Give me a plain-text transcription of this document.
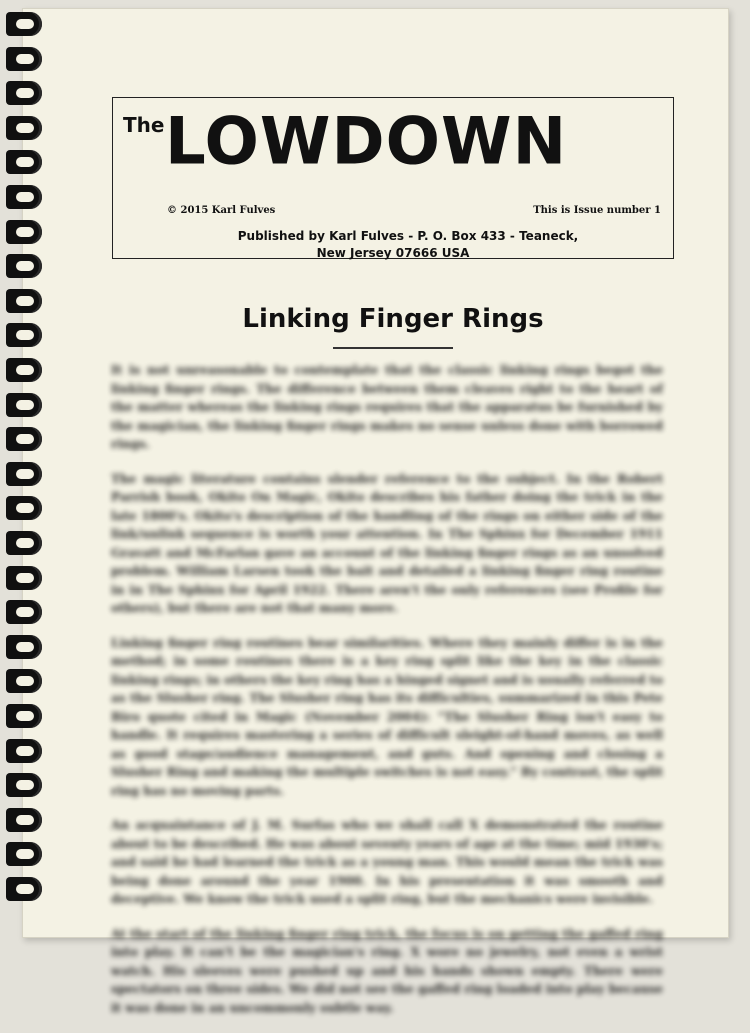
The LOWDOWN
© 2015 Karl Fulves	This is Issue number 1
Published by Karl Fulves - P. O. Box 433 - Teaneck,
New Jersey 07666 USA
Linking Finger Rings

It is not unreasonable to contemplate that the classic linking rings begot the linking finger rings. The difference between them cleaves right to the heart of the matter whereas the linking rings requires that the apparatus be furnished by the magician, the linking finger rings makes no sense unless done with borrowed rings.

The magic literature contains slender reference to the subject. In the Robert Parrish book, Okito On Magic, Okito describes his father doing the trick in the late 1800's. Okito's description of the handling of the rings on either side of the link/unlink sequence is worth your attention. In The Sphinx for December 1911 Gravatt and McFarlan gave an account of the linking finger rings as an unsolved problem. William Larsen took the bait and detailed a linking finger ring routine in in The Sphinx for April 1922. There aren't the only references (see Profile for others), but there are not that many more.

Linking finger ring routines bear similarities. Where they mainly differ is in the method; in some routines there is a key ring split like the key in the classic linking rings; in others the key ring has a hinged signet and is usually referred to as the Slusher ring. The Slusher ring has its difficulties, summarized in this Pete Biro quote cited in Magic (November 2004): "The Slusher Ring isn't easy to handle. It requires mastering a series of difficult sleight-of-hand moves, as well as good stage/audience management, and guts. And opening and closing a Slusher Ring and making the multiple switches is not easy." By contrast, the split ring has no moving parts.

An acquaintance of J. M. Surfas who we shall call X demonstrated the routine about to be described. He was about seventy years of age at the time; mid 1930's; and said he had learned the trick as a young man. This would mean the trick was being done around the year 1900. In his presentation it was smooth and deceptive. We know the trick used a split ring, but the mechanics were invisible.

At the start of the linking finger ring trick, the focus is on getting the gaffed ring into play. It can't be the magician's ring. X wore no jewelry, not even a wrist watch. His sleeves were pushed up and his hands shown empty. There were spectators on three sides. We did not see the gaffed ring loaded into play because it was done in an uncommonly subtle way.
